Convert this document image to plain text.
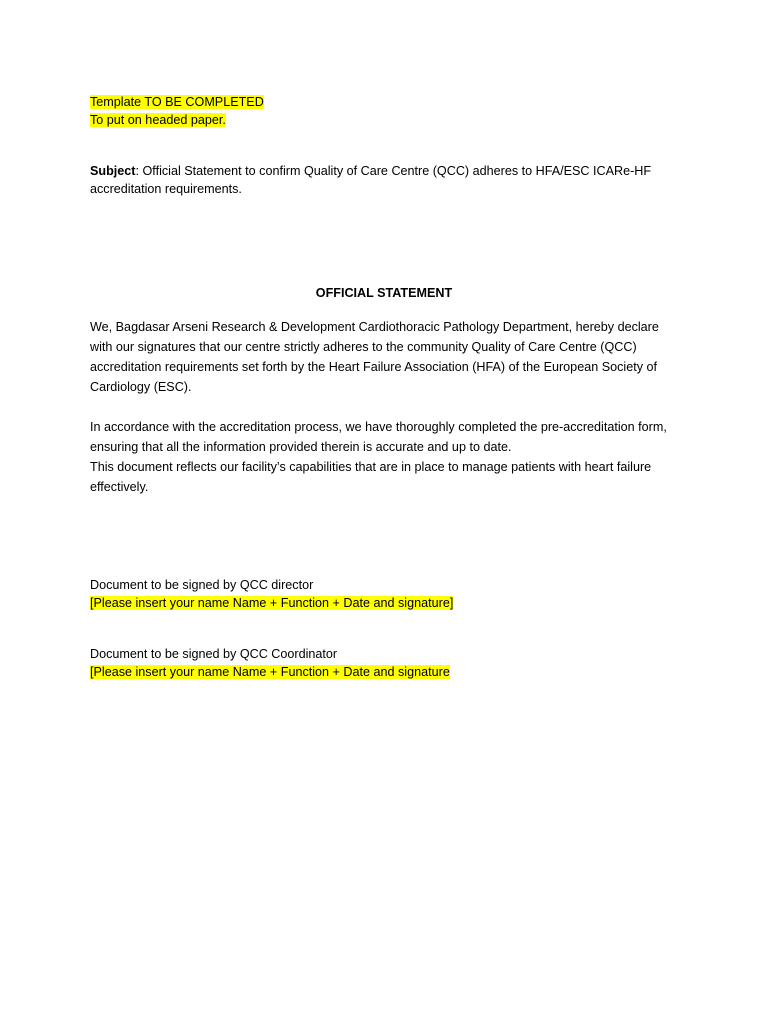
Template TO BE COMPLETED
To put on headed paper.
Subject: Official Statement to confirm Quality of Care Centre (QCC) adheres to HFA/ESC ICARe-HF accreditation requirements.
OFFICIAL STATEMENT

We, Bagdasar Arseni Research & Development Cardiothoracic Pathology Department, hereby declare with our signatures that our centre strictly adheres to the community Quality of Care Centre (QCC) accreditation requirements set forth by the Heart Failure Association (HFA) of the European Society of Cardiology (ESC).

In accordance with the accreditation process, we have thoroughly completed the pre-accreditation form, ensuring that all the information provided therein is accurate and up to date.

This document reflects our facility’s capabilities that are in place to manage patients with heart failure effectively.

Document to be signed by QCC director
[Please insert your name Name + Function + Date and signature]
Document to be signed by QCC Coordinator
[Please insert your name Name + Function + Date and signature
